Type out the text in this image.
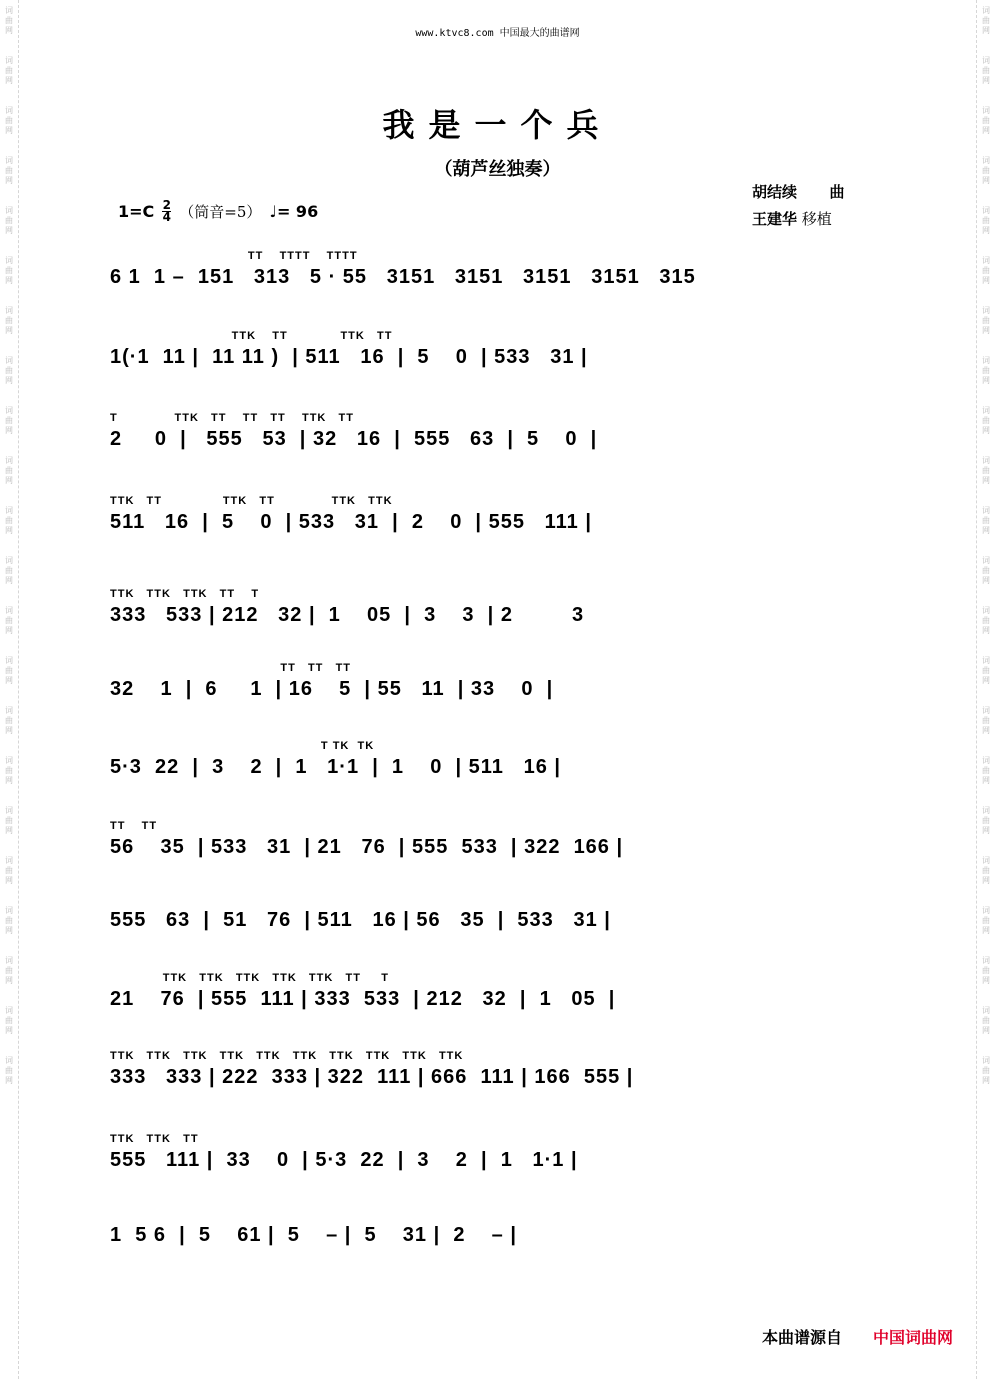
词
曲
网
词
曲
网
词
曲
网
词
曲
网
词
曲
网
词
曲
网
词
曲
网
词
曲
网
词
曲
网
词
曲
网
词
曲
网
词
曲
网
词
曲
网
词
曲
网
词
曲
网
词
曲
网
词
曲
网
词
曲
网
词
曲
网
词
曲
网
词
曲
网
词
曲
网
词
曲
网
词
曲
网
词
曲
网
词
曲
网
词
曲
网
词
曲
网
词
曲
网
词
曲
网
词
曲
网
词
曲
网
词
曲
网
词
曲
网
词
曲
网
词
曲
网
词
曲
网
词
曲
网
词
曲
网
词
曲
网
词
曲
网
词
曲
网
词
曲
网
词
曲
网
www.ktvc8.com 中国最大的曲谱网
我是一个兵
（葫芦丝独奏）
胡结续 曲
王建华 移植
$1=C \frac{2}{4}$ （筒音=5） ♩= 96
TT    TTTT    TTTT
6 1  1 –  151   313   5 · 55   3151   3151   3151   3151   315
TTK    TT             TTK   TT
1(·1  11 |  11 11 )  | 511   16  |  5    0  | 533   31 |
T              TTK   TT    TT   TT    TTK   TT
2     0  |   555   53  | 32   16  |  555   63  |  5    0  |
TTK   TT               TTK   TT              TTK   TTK
511   16  |  5    0  | 533   31  |  2    0  | 555   111 |
TTK   TTK   TTK   TT    T
333   533 | 212   32 |  1    05  |  3    3  | 2         3
TT   TT   TT
32    1  |  6     1  | 16    5  | 55   11  | 33    0  |
T TK  TK
5·3  22  |  3    2  |  1   1·1  |  1    0  | 511   16 |
TT    TT
56    35  | 533   31  | 21   76  | 555  533  | 322  166 |
555   63  |  51   76  | 511   16 | 56   35  |  533   31 |
TTK   TTK   TTK   TTK   TTK   TT     T
21    76  | 555  111 | 333  533  | 212   32  |  1   05  |
TTK   TTK   TTK   TTK   TTK   TTK   TTK   TTK   TTK   TTK
333   333 | 222  333 | 322  111 | 666  111 | 166  555 |
TTK   TTK   TT
555   111 |  33    0  | 5·3  22  |  3    2  |  1   1·1 |
1  5 6  |  5    61 |  5    – |  5    31 |  2    – |
本曲谱源自 中国词曲网
